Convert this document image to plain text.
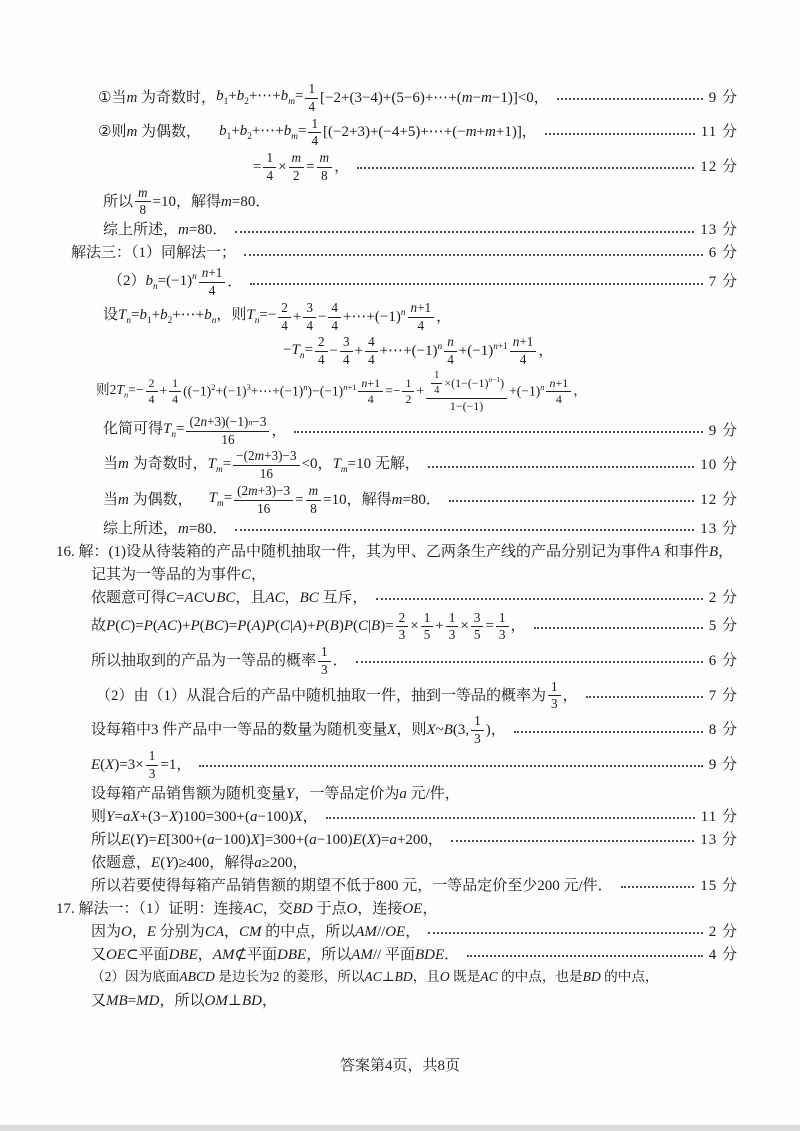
①当m 为奇数时， $b_1+b_2+\cdots+b_m= \frac{1}{4}$ [−2+(3−4)+(5−6)+⋯+(m−m−1)]<0，	9 分
②则m 为偶数， $b_1+b_2+\cdots+b_m= \frac{1}{4}$ [(−2+3)+(−4+5)+⋯+(−m+m+1)]，	11 分
= $\frac{1}{4} \times \frac{m}{2} = \frac{m}{8}$ ，	12 分
所以 $\frac{m}{8} =10$，解得m=80．
综上所述，m=80．	13 分
解法三：（1）同解法一；	6 分
$(2)b_n=(-1)^n \frac{n +1}{4}$ ．	7 分
设$T_n=b_1+b_2+\cdots+b_n$，则$T_n=- \frac{2}{4} + \frac{3}{4} - \frac{4}{4}$ $+\cdots+(-1)^n \frac{n +1}{4}$ ，
$-T_n= \frac{2}{4} - \frac{3}{4} + \frac{4}{4}$ $+\cdots+(-1)^n \frac{n}{4} +(-1)^{n+1} \frac{n +1}{4}$ ，
则$2T_n=- \frac{2}{4} + \frac{1}{4}$ $((-1)^2+(-1)^3+\cdots+(-1)^n)-(-1)^{n+1} \frac{n +1}{4} =- \frac{1}{2} + \frac{\frac{1}{4} \times(1-(-1)^{n-1})}{1-(-1)} +(-1)^n \frac{n +1}{4}$ ，
化简可得$T_n= \frac{(2 n +3)(-1) n -3}{16}$ ，	9 分
当m 为奇数时，$T_m= \frac{-(2 m +3)-3}{16} <0$，$T_m=10$ 无解，	10 分
当m 为偶数， $T_m= \frac{(2 m +3)-3}{16} = \frac{m}{8} =10$，解得m=80．	12 分
综上所述，m=80．	13 分
16. 解：(1)设从待装箱的产品中随机抽取一件，其为甲、乙两条生产线的产品分别记为事件A 和事件B，
记其为一等品的为事件C，
依题意可得C=AC∪BC，且AC，BC 互斥，	2 分
故$P(C)=P(AC)+P(BC)=P(A)P(C|A)+P(B)P(C|B)= \frac{2}{3} \times \frac{1}{5} + \frac{1}{3} \times \frac{3}{5} = \frac{1}{3}$ ，	5 分
所以抽取到的产品为一等品的概率 $\frac{1}{3}$ ．	6 分
（2）由（1）从混合后的产品中随机抽取一件，抽到一等品的概率为 $\frac{1}{3}$ ，	7 分
设每箱中3 件产品中一等品的数量为随机变量X，则X~B(3, $\frac{1}{3}$ )，	8 分
$E(X)=3\times \frac{1}{3} =1$，	9 分
设每箱产品销售额为随机变量Y，一等品定价为a 元/件，
则Y=aX+(3−X)100=300+(a−100)X，	11 分
所以E(Y)=E[300+(a−100)X]=300+(a−100)E(X)=a+200，	13 分
依题意，E(Y)≥400，解得a≥200，
所以若要使得每箱产品销售额的期望不低于800 元，一等品定价至少200 元/件．	15 分
17. 解法一：（1）证明：连接AC，交BD 于点O，连接OE，
因为O，E 分别为CA，CM 的中点，所以AM//OE，	2 分
又OE⊂平面DBE，AM⊄平面DBE，所以AM// 平面BDE．	4 分
（2）因为底面ABCD 是边长为2 的菱形，所以AC⊥BD，且O 既是AC 的中点，也是BD 的中点，
又MB=MD，所以OM⊥BD，
答案第4页，共8页
